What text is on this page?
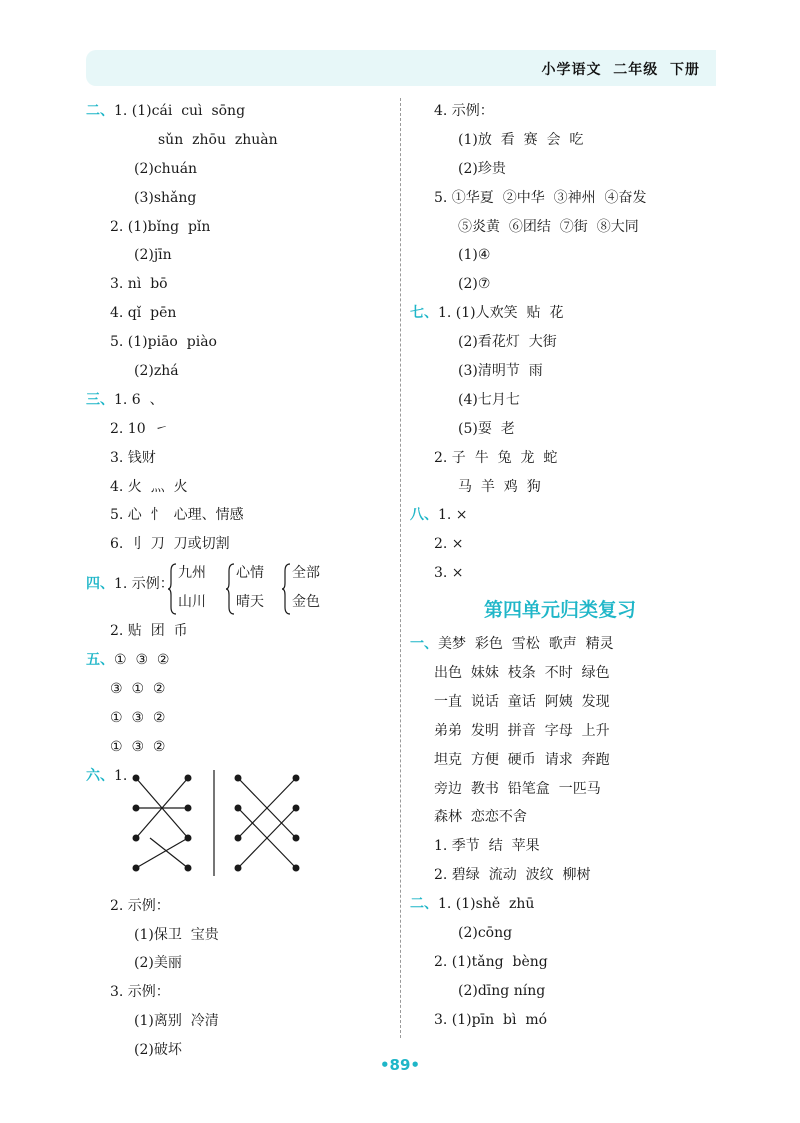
小学语文  二年级  下册
二、1. (1)cái  cuì  sōng
sǔn  zhōu  zhuàn
(2)chuán
(3)shǎng
2. (1)bǐng  pǐn
(2)jīn
3. nì  bō
4. qǐ  pēn
5. (1)piāo  piào
(2)zhá
三、1. 6  、
2. 10  ㇀
3. 钱财
4. 火  灬  火
5. 心  忄  心理、情感
6. 刂  刀  刀或切割
四、1. 示例：
九州
山川
心情
晴天
全部
金色
2. 贴  团  币
五、①  ③  ②
③  ①  ②
①  ③  ②
①  ③  ②
六、1.
2. 示例：
(1)保卫  宝贵
(2)美丽
3. 示例：
(1)离别  冷清
(2)破坏
4. 示例：
(1)放  看  赛  会  吃
(2)珍贵
5. ①华夏  ②中华  ③神州  ④奋发
⑤炎黄  ⑥团结  ⑦街  ⑧大同
(1)④
(2)⑦
七、1. (1)人欢笑  贴  花
(2)看花灯  大街
(3)清明节  雨
(4)七月七
(5)耍  老
2. 子  牛  兔  龙  蛇
马  羊  鸡  狗
八、1. ×
2. ×
3. ×
第四单元归类复习
一、美梦  彩色  雪松  歌声  精灵
出色  妹妹  枝条  不时  绿色
一直  说话  童话  阿姨  发现
弟弟  发明  拼音  字母  上升
坦克  方便  硬币  请求  奔跑
旁边  教书  铅笔盒  一匹马
森林  恋恋不舍
1. 季节  结  苹果
2. 碧绿  流动  波纹  柳树
二、1. (1)shě  zhū
(2)cōng
2. (1)tǎng  bèng
(2)dīng níng
3. (1)pīn  bì  mó
•89•
